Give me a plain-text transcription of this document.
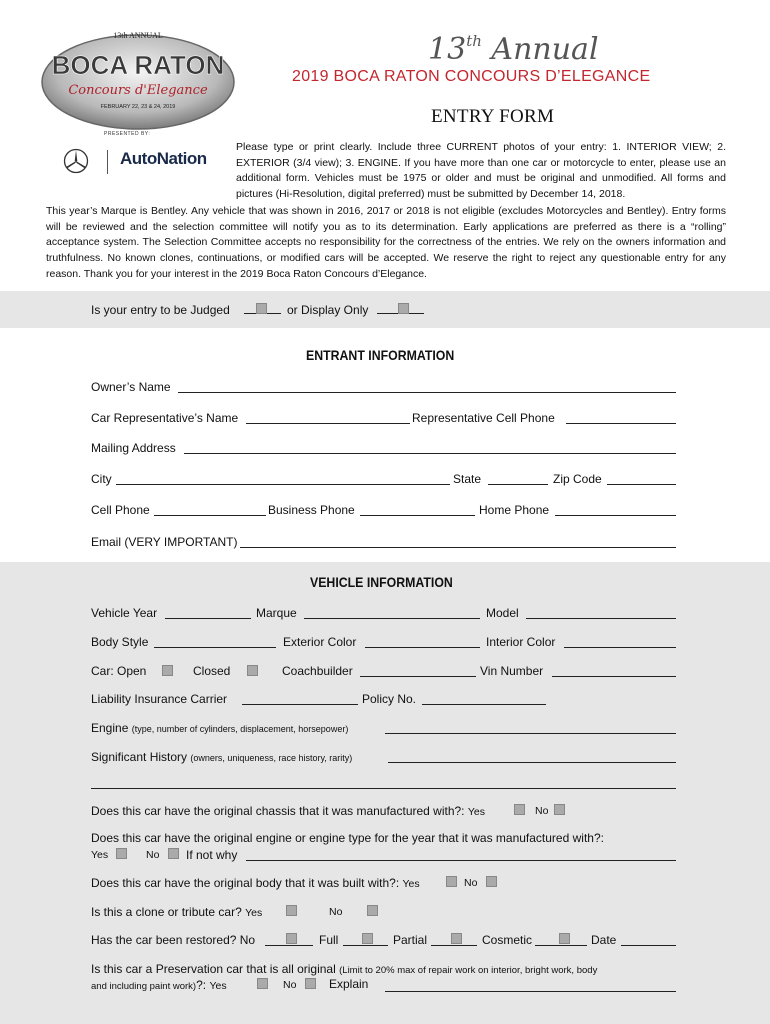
13th ANNUAL
BOCA RATON
Concours d'Elegance
FEBRUARY 22, 23 & 24, 2019
PRESENTED BY:
AutoNation
13th Annual
2019 BOCA RATON CONCOURS D’ELEGANCE
ENTRY FORM
Please type or print clearly. Include three CURRENT photos of your entry: 1. INTERIOR VIEW; 2. EXTERIOR (3/4 view); 3. ENGINE. If you have more than one car or motorcycle to enter, please use an additional form. Vehicles must be 1975 or older and must be original and unmodified. All forms and pictures (Hi-Resolution, digital preferred) must be submitted by December 14, 2018.
This year’s Marque is Bentley. Any vehicle that was shown in 2016, 2017 or 2018 is not eligible (excludes Motorcycles and Bentley). Entry forms will be reviewed and the selection committee will notify you as to its determination. Early applications are preferred as there is a “rolling” acceptance system. The Selection Committee accepts no responsibility for the correctness of the entries. We rely on the owners information and truthfulness. No known clones, continuations, or modified cars will be accepted. We reserve the right to reject any questionable entry for any reason. Thank you for your interest in the 2019 Boca Raton Concours d’Elegance.
Is your entry to be Judged	or Display Only
ENTRANT INFORMATION
Owner’s Name
Car Representative’s Name	Representative Cell Phone
Mailing Address
City	State	Zip Code
Cell Phone	Business Phone	Home Phone
Email (VERY IMPORTANT)
VEHICLE INFORMATION
Vehicle Year	Marque	Model
Body Style	Exterior Color	Interior Color
Car: Open	Closed	Coachbuilder	Vin Number
Liability Insurance Carrier	Policy No.
Engine (type, number of cylinders, displacement, horsepower)
Significant History (owners, uniqueness, race history, rarity)
Does this car have the original chassis that it was manufactured with?: Yes	No
Does this car have the original engine or engine type for the year that it was manufactured with?:
Yes	No If not why
Does this car have the original body that it was built with?: Yes	No
Is this a clone or tribute car? Yes	No
Has the car been restored? No	Full	Partial	Cosmetic	Date
Is this car a Preservation car that is all original (Limit to 20% max of repair work on interior, bright work, body
and including paint work)?: Yes	No	Explain
